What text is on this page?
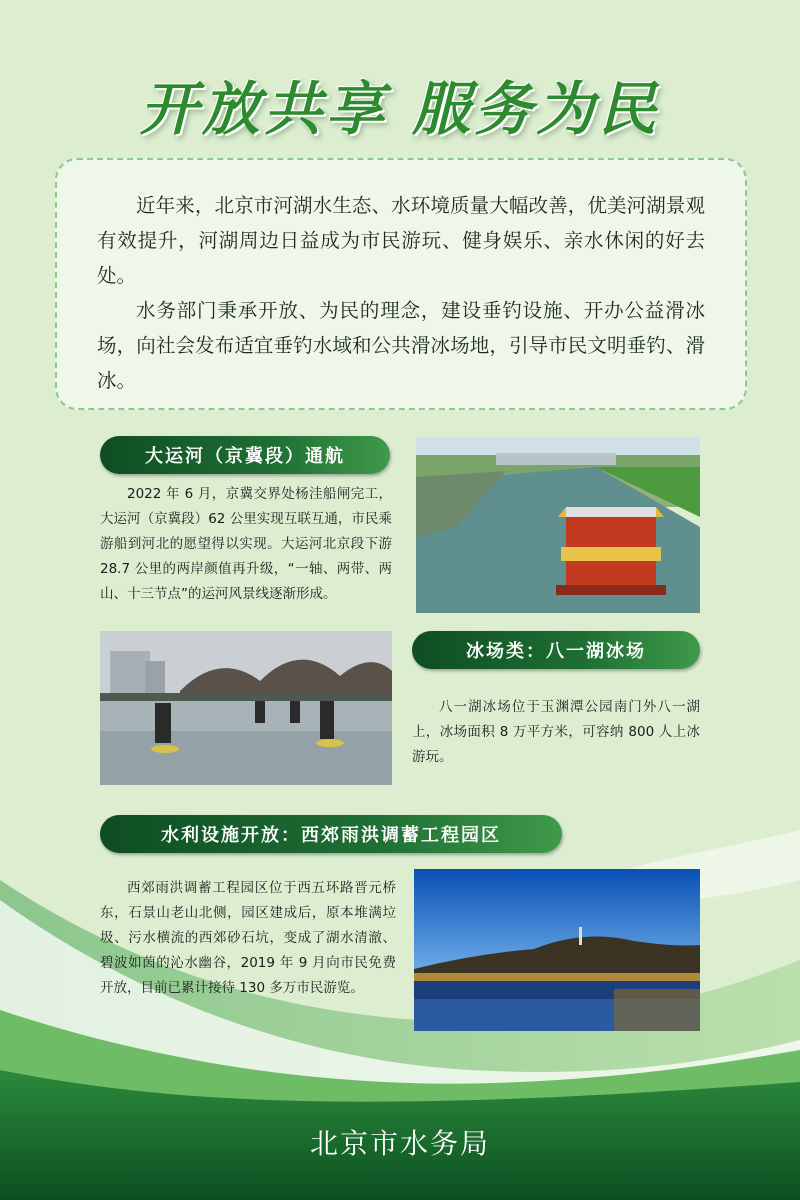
开放共享 服务为民

近年来，北京市河湖水生态、水环境质量大幅改善，优美河湖景观有效提升，河湖周边日益成为市民游玩、健身娱乐、亲水休闲的好去处。

水务部门秉承开放、为民的理念，建设垂钓设施、开办公益滑冰场，向社会发布适宜垂钓水域和公共滑冰场地，引导市民文明垂钓、滑冰。

大运河（京冀段）通航

2022 年 6 月，京冀交界处杨洼船闸完工，大运河（京冀段）62 公里实现互联互通，市民乘游船到河北的愿望得以实现。大运河北京段下游 28.7 公里的两岸颜值再升级，“一轴、两带、两山、十三节点”的运河风景线逐渐形成。

冰场类：八一湖冰场

八一湖冰场位于玉渊潭公园南门外八一湖上，冰场面积 8 万平方米，可容纳 800 人上冰游玩。

水利设施开放：西郊雨洪调蓄工程园区

西郊雨洪调蓄工程园区位于西五环路晋元桥东，石景山老山北侧，园区建成后，原本堆满垃圾、污水横流的西郊砂石坑，变成了湖水清澈、碧波如茵的沁水幽谷，2019 年 9 月向市民免费开放，目前已累计接待 130 多万市民游览。

北京市水务局
